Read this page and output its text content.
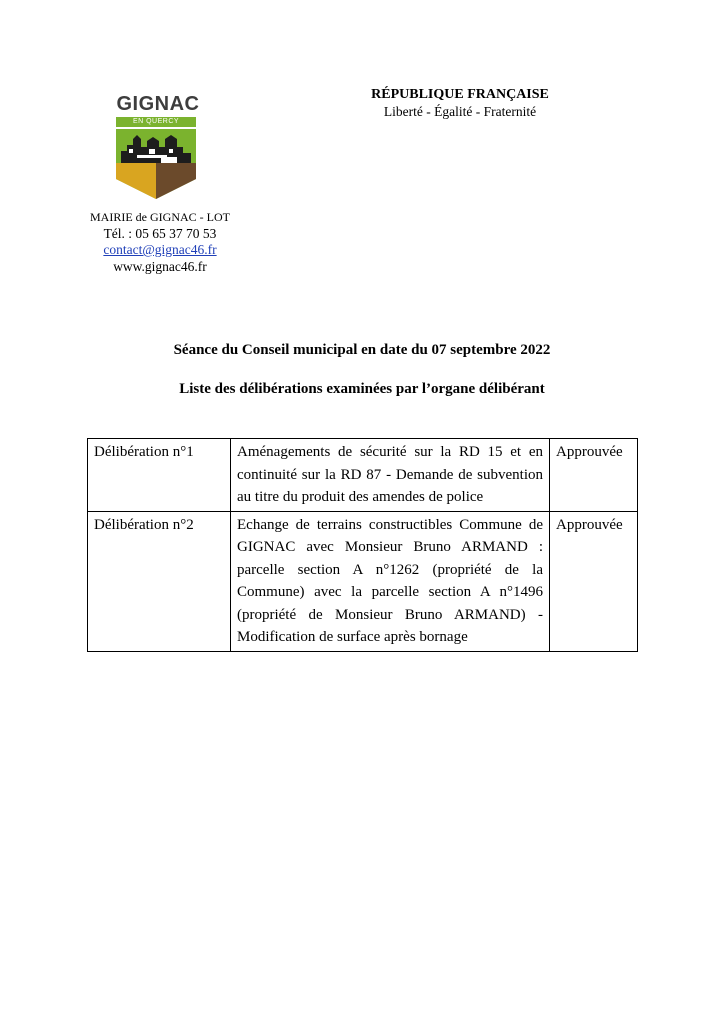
GIGNAC
EN QUERCY
MAIRIE de GIGNAC - LOT
Tél. : 05 65 37 70 53
contact@gignac46.fr
www.gignac46.fr
RÉPUBLIQUE FRANÇAISE
Liberté - Égalité - Fraternité
Séance du Conseil municipal en date du 07 septembre 2022
Liste des délibérations examinées par l’organe délibérant
Délibération n°1	Aménagements de sécurité sur la RD 15 et en continuité sur la RD 87 - Demande de subvention au titre du produit des amendes de police	Approuvée
Délibération n°2	Echange de terrains constructibles Commune de GIGNAC avec Monsieur Bruno ARMAND : parcelle section A n°1262 (propriété de la Commune) avec la parcelle section A n°1496 (propriété de Monsieur Bruno ARMAND) - Modification de surface après bornage	Approuvée
